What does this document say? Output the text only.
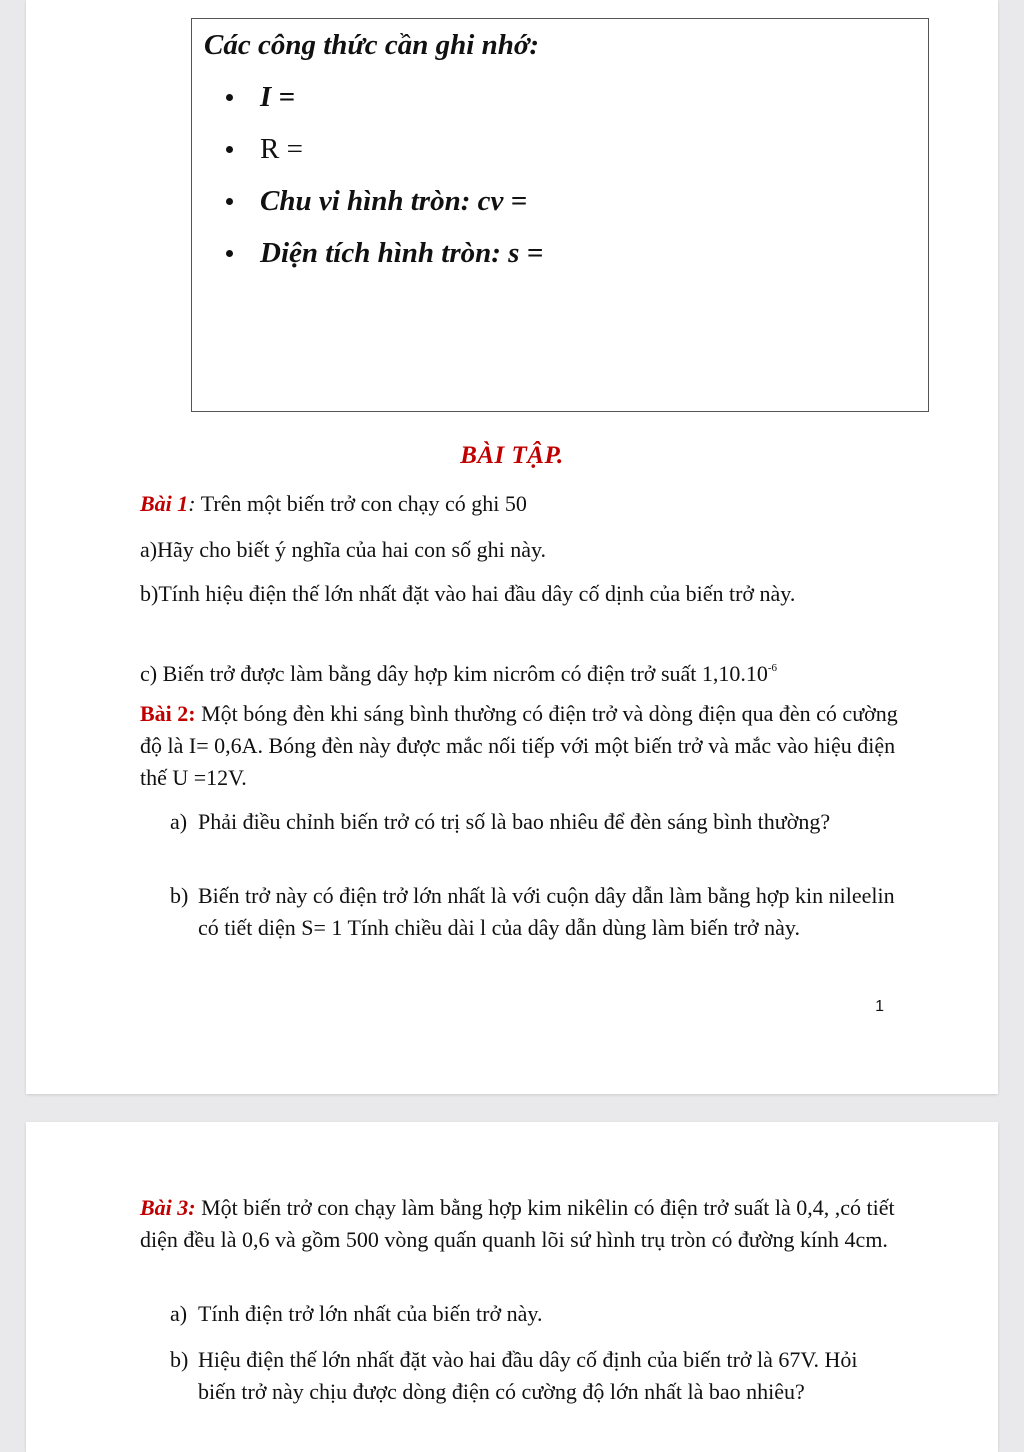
Các công thức cần ghi nhớ:
I =
R =
Chu vi hình tròn: cv =
Diện tích hình tròn: s =
BÀI TẬP.
Bài 1: Trên một biến trở con chạy có ghi 50
a)Hãy cho biết ý nghĩa của hai con số ghi này.
b)Tính hiệu điện thế lớn nhất đặt vào hai đầu dây cố dịnh của biến trở này.
c) Biến trở được làm bằng dây hợp kim nicrôm có điện trở suất $1,10.10^{-6}$
Bài 2: Một bóng đèn khi sáng bình thường có điện trở và dòng điện qua đèn có cường độ là I= 0,6A. Bóng đèn này được mắc nối tiếp với một biến trở và mắc vào hiệu điện thế U =12V.
a) Phải điều chỉnh biến trở có trị số là bao nhiêu để đèn sáng bình thường?
b) Biến trở này có điện trở lớn nhất là với cuộn dây dẫn làm bằng hợp kin nileelin có tiết diện S= 1 Tính chiều dài l của dây dẫn dùng làm biến trở này.
1
Bài 3: Một biến trở con chạy làm bằng hợp kim nikêlin có điện trở suất là 0,4, ,có tiết diện đều là 0,6 và gồm 500 vòng quấn quanh lõi sứ hình trụ tròn có đường kính 4cm.
a) Tính điện trở lớn nhất của biến trở này.
b) Hiệu điện thế lớn nhất đặt vào hai đầu dây cố định của biến trở là 67V. Hỏi biến trở này chịu được dòng điện có cường độ lớn nhất là bao nhiêu?
